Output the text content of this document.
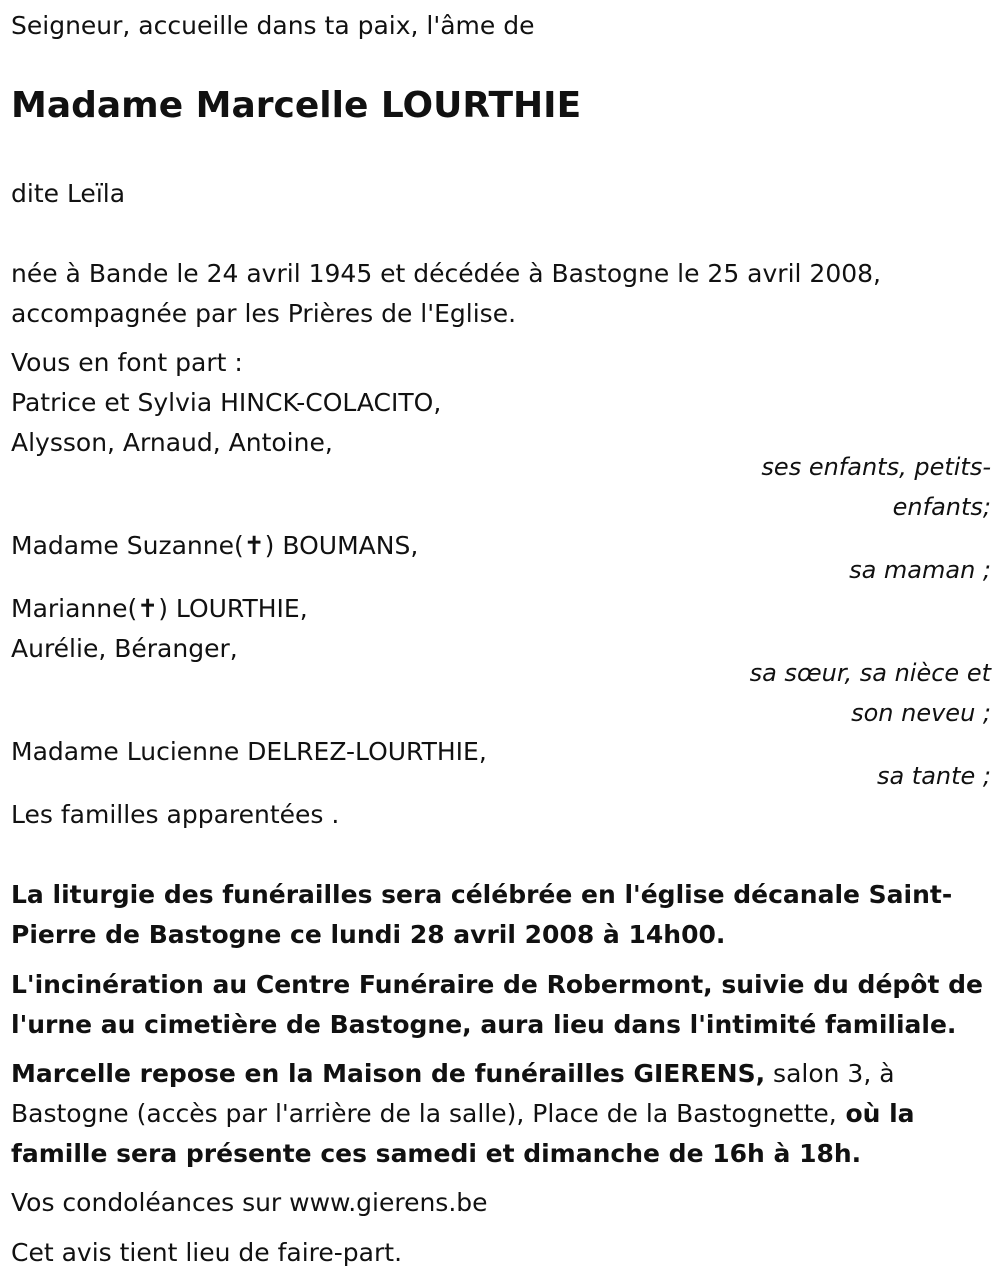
Seigneur, accueille dans ta paix, l'âme de
Madame Marcelle LOURTHIE
dite Leïla
née à Bande le 24 avril 1945 et décédée à Bastogne le 25 avril 2008,
accompagnée par les Prières de l'Eglise.
Vous en font part :
Patrice et Sylvia HINCK-COLACITO,
Alysson, Arnaud, Antoine,
ses enfants, petits-
enfants;
Madame Suzanne(✝) BOUMANS,
sa maman ;
Marianne(✝) LOURTHIE,
Aurélie, Béranger,
sa sœur, sa nièce et
son neveu ;
Madame Lucienne DELREZ-LOURTHIE,
sa tante ;
Les familles apparentées .
La liturgie des funérailles sera célébrée en l'église décanale Saint-
Pierre de Bastogne ce lundi 28 avril 2008 à 14h00.
L'incinération au Centre Funéraire de Robermont, suivie du dépôt de
l'urne au cimetière de Bastogne, aura lieu dans l'intimité familiale.
Marcelle repose en la Maison de funérailles GIERENS, salon 3, à
Bastogne (accès par l'arrière de la salle), Place de la Bastognette, où la
famille sera présente ces samedi et dimanche de 16h à 18h.
Vos condoléances sur www.gierens.be
Cet avis tient lieu de faire-part.
